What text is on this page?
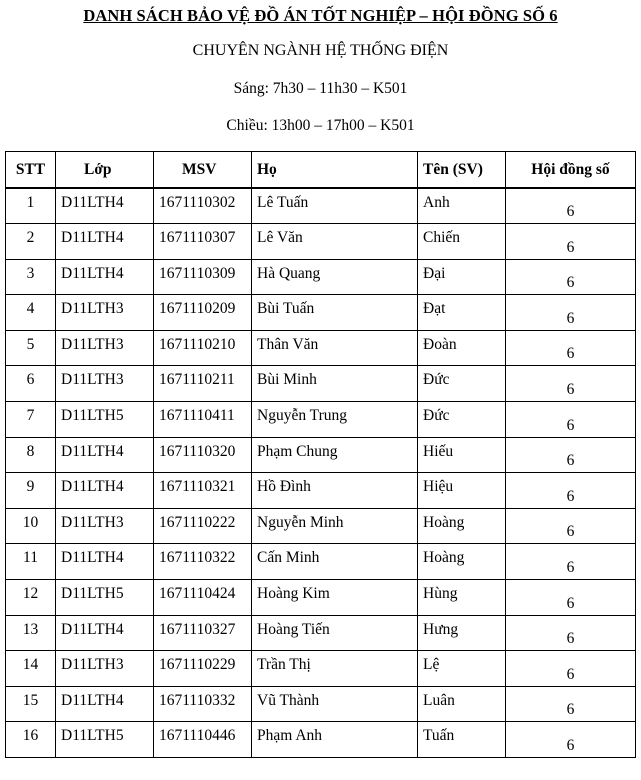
DANH SÁCH BẢO VỆ ĐỒ ÁN TỐT NGHIỆP – HỘI ĐỒNG SỐ 6
CHUYÊN NGÀNH HỆ THỐNG ĐIỆN
Sáng: 7h30 – 11h30 – K501
Chiều: 13h00 – 17h00 – K501
STT	Lớp	MSV	Họ	Tên (SV)	Hội đồng số
1	D11LTH4	1671110302	Lê Tuấn	Anh	6
2	D11LTH4	1671110307	Lê Văn	Chiến	6
3	D11LTH4	1671110309	Hà Quang	Đại	6
4	D11LTH3	1671110209	Bùi Tuấn	Đạt	6
5	D11LTH3	1671110210	Thân Văn	Đoàn	6
6	D11LTH3	1671110211	Bùi Minh	Đức	6
7	D11LTH5	1671110411	Nguyễn Trung	Đức	6
8	D11LTH4	1671110320	Phạm Chung	Hiếu	6
9	D11LTH4	1671110321	Hồ Đình	Hiệu	6
10	D11LTH3	1671110222	Nguyễn Minh	Hoàng	6
11	D11LTH4	1671110322	Cấn Minh	Hoàng	6
12	D11LTH5	1671110424	Hoàng Kim	Hùng	6
13	D11LTH4	1671110327	Hoàng Tiến	Hưng	6
14	D11LTH3	1671110229	Trần Thị	Lệ	6
15	D11LTH4	1671110332	Vũ Thành	Luân	6
16	D11LTH5	1671110446	Phạm Anh	Tuấn	6
